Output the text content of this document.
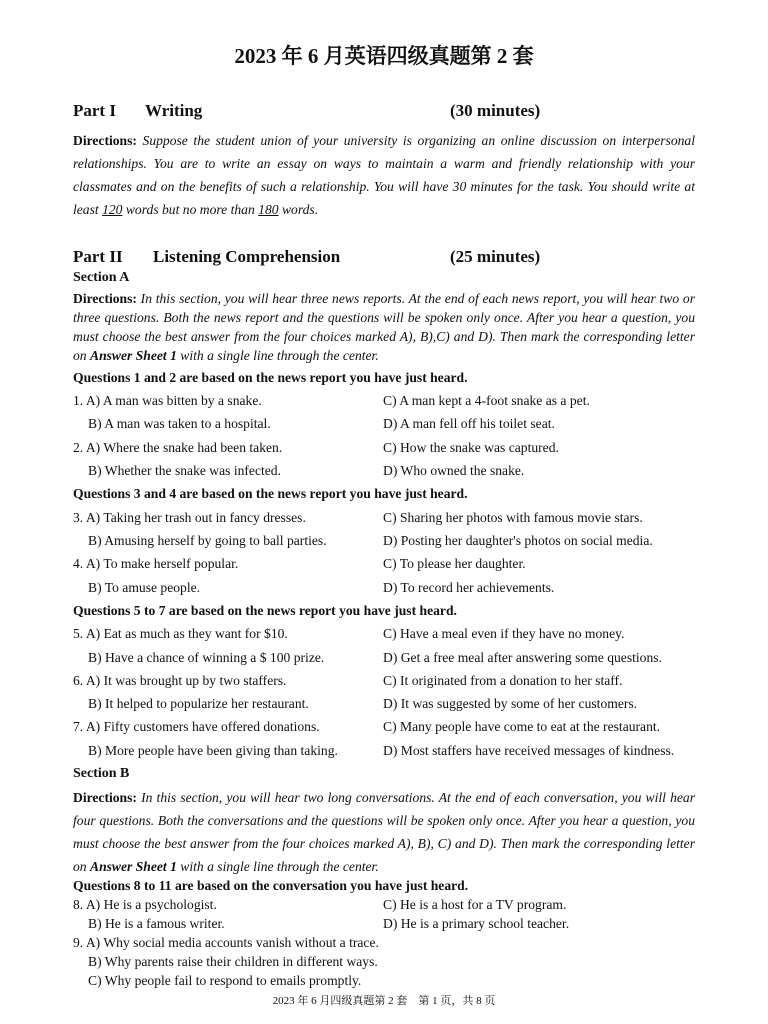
2023 年 6 月英语四级真题第 2 套
Part I Writing	(30 minutes)
Directions: Suppose the student union of your university is organizing an online discussion on interpersonal relationships. You are to write an essay on ways to maintain a warm and friendly relationship with your classmates and on the benefits of such a relationship. You will have 30 minutes for the task. You should write at least 120 words but no more than 180 words.
Part II Listening Comprehension	(25 minutes)
Section A
Directions: In this section, you will hear three news reports. At the end of each news report, you will hear two or three questions. Both the news report and the questions will be spoken only once. After you hear a question, you must choose the best answer from the four choices marked A), B),C) and D). Then mark the corresponding letter on Answer Sheet 1 with a single line through the center.
Questions 1 and 2 are based on the news report you have just heard.
1. A) A man was bitten by a snake.	C) A man kept a 4-foot snake as a pet.
B) A man was taken to a hospital.	D) A man fell off his toilet seat.
2. A) Where the snake had been taken.	C) How the snake was captured.
B) Whether the snake was infected.	D) Who owned the snake.
Questions 3 and 4 are based on the news report you have just heard.
3. A) Taking her trash out in fancy dresses.	C) Sharing her photos with famous movie stars.
B) Amusing herself by going to ball parties.	D) Posting her daughter's photos on social media.
4. A) To make herself popular.	C) To please her daughter.
B) To amuse people.	D) To record her achievements.
Questions 5 to 7 are based on the news report you have just heard.
5. A) Eat as much as they want for $10.	C) Have a meal even if they have no money.
B) Have a chance of winning a $ 100 prize.	D) Get a free meal after answering some questions.
6. A) It was brought up by two staffers.	C) It originated from a donation to her staff.
B) It helped to popularize her restaurant.	D) It was suggested by some of her customers.
7. A) Fifty customers have offered donations.	C) Many people have come to eat at the restaurant.
B) More people have been giving than taking.	D) Most staffers have received messages of kindness.
Section B
Directions: In this section, you will hear two long conversations. At the end of each conversation, you will hear four questions. Both the conversations and the questions will be spoken only once. After you hear a question, you must choose the best answer from the four choices marked A), B), C) and D). Then mark the corresponding letter on Answer Sheet 1 with a single line through the center.
Questions 8 to 11 are based on the conversation you have just heard.
8. A) He is a psychologist.	C) He is a host for a TV program.
B) He is a famous writer.	D) He is a primary school teacher.
9. A) Why social media accounts vanish without a trace.
B) Why parents raise their children in different ways.
C) Why people fail to respond to emails promptly.
2023 年 6 月四级真题第 2 套　第 1 页，共 8 页
